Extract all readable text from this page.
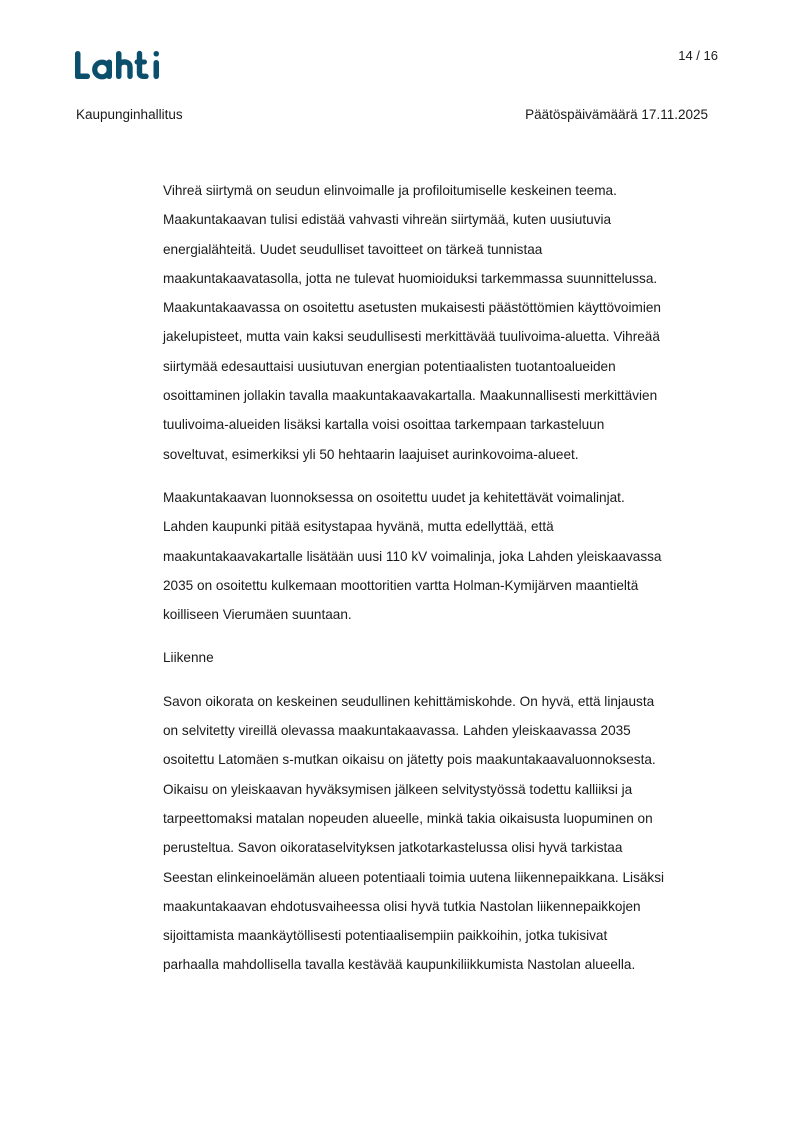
14 / 16
Kaupunginhallitus	Päätöspäivämäärä 17.11.2025
Vihreä siirtymä on seudun elinvoimalle ja profiloitumiselle keskeinen teema.
Maakuntakaavan tulisi edistää vahvasti vihreän siirtymää, kuten uusiutuvia
energialähteitä. Uudet seudulliset tavoitteet on tärkeä tunnistaa
maakuntakaavatasolla, jotta ne tulevat huomioiduksi tarkemmassa suunnittelussa.
Maakuntakaavassa on osoitettu asetusten mukaisesti päästöttömien käyttövoimien
jakelupisteet, mutta vain kaksi seudullisesti merkittävää tuulivoima-aluetta. Vihreää
siirtymää edesauttaisi uusiutuvan energian potentiaalisten tuotantoalueiden
osoittaminen jollakin tavalla maakuntakaavakartalla. Maakunnallisesti merkittävien
tuulivoima-alueiden lisäksi kartalla voisi osoittaa tarkempaan tarkasteluun
soveltuvat, esimerkiksi yli 50 hehtaarin laajuiset aurinkovoima-alueet.
Maakuntakaavan luonnoksessa on osoitettu uudet ja kehitettävät voimalinjat.
Lahden kaupunki pitää esitystapaa hyvänä, mutta edellyttää, että
maakuntakaavakartalle lisätään uusi 110 kV voimalinja, joka Lahden yleiskaavassa
2035 on osoitettu kulkemaan moottoritien vartta Holman-Kymijärven maantieltä
koilliseen Vierumäen suuntaan.
Liikenne
Savon oikorata on keskeinen seudullinen kehittämiskohde. On hyvä, että linjausta
on selvitetty vireillä olevassa maakuntakaavassa. Lahden yleiskaavassa 2035
osoitettu Latomäen s-mutkan oikaisu on jätetty pois maakuntakaavaluonnoksesta.
Oikaisu on yleiskaavan hyväksymisen jälkeen selvitystyössä todettu kalliiksi ja
tarpeettomaksi matalan nopeuden alueelle, minkä takia oikaisusta luopuminen on
perusteltua. Savon oikorataselvityksen jatkotarkastelussa olisi hyvä tarkistaa
Seestan elinkeinoelämän alueen potentiaali toimia uutena liikennepaikkana. Lisäksi
maakuntakaavan ehdotusvaiheessa olisi hyvä tutkia Nastolan liikennepaikkojen
sijoittamista maankäytöllisesti potentiaalisempiin paikkoihin, jotka tukisivat
parhaalla mahdollisella tavalla kestävää kaupunkiliikkumista Nastolan alueella.
